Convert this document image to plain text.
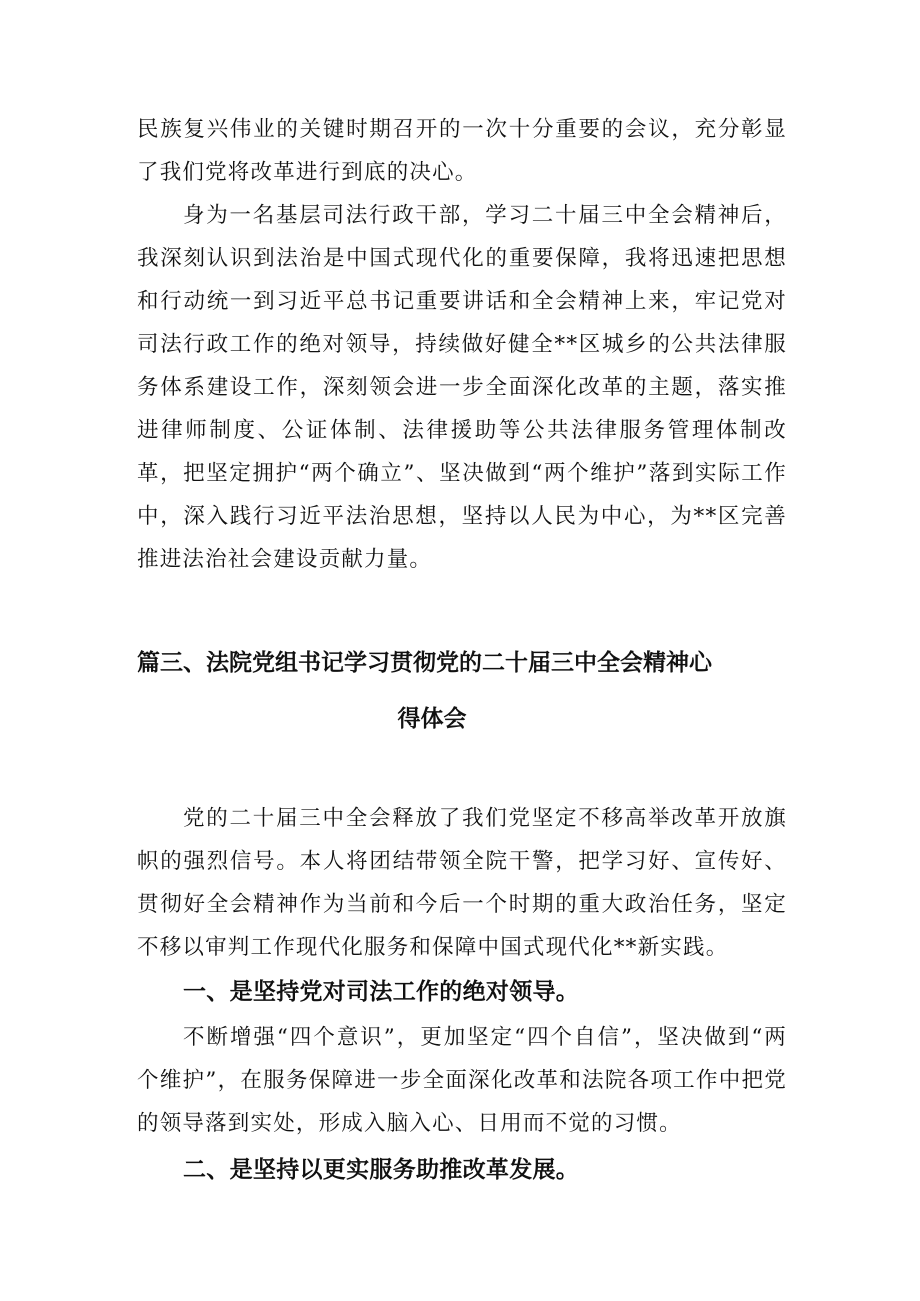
民族复兴伟业的关键时期召开的一次十分重要的会议，充分彰显了我们党将改革进行到底的决心。

身为一名基层司法行政干部，学习二十届三中全会精神后，我深刻认识到法治是中国式现代化的重要保障，我将迅速把思想和行动统一到习近平总书记重要讲话和全会精神上来，牢记党对司法行政工作的绝对领导，持续做好健全**区城乡的公共法律服务体系建设工作，深刻领会进一步全面深化改革的主题，落实推进律师制度、公证体制、法律援助等公共法律服务管理体制改革，把坚定拥护“两个确立”、坚决做到“两个维护”落到实际工作中，深入践行习近平法治思想，坚持以人民为中心，为**区完善推进法治社会建设贡献力量。

篇三、法院党组书记学习贯彻党的二十届三中全会精神心
得体会

党的二十届三中全会释放了我们党坚定不移高举改革开放旗帜的强烈信号。本人将团结带领全院干警，把学习好、宣传好、贯彻好全会精神作为当前和今后一个时期的重大政治任务，坚定不移以审判工作现代化服务和保障中国式现代化**新实践。

一、是坚持党对司法工作的绝对领导。

不断增强“四个意识”，更加坚定“四个自信”，坚决做到“两个维护”，在服务保障进一步全面深化改革和法院各项工作中把党的领导落到实处，形成入脑入心、日用而不觉的习惯。

二、是坚持以更实服务助推改革发展。
